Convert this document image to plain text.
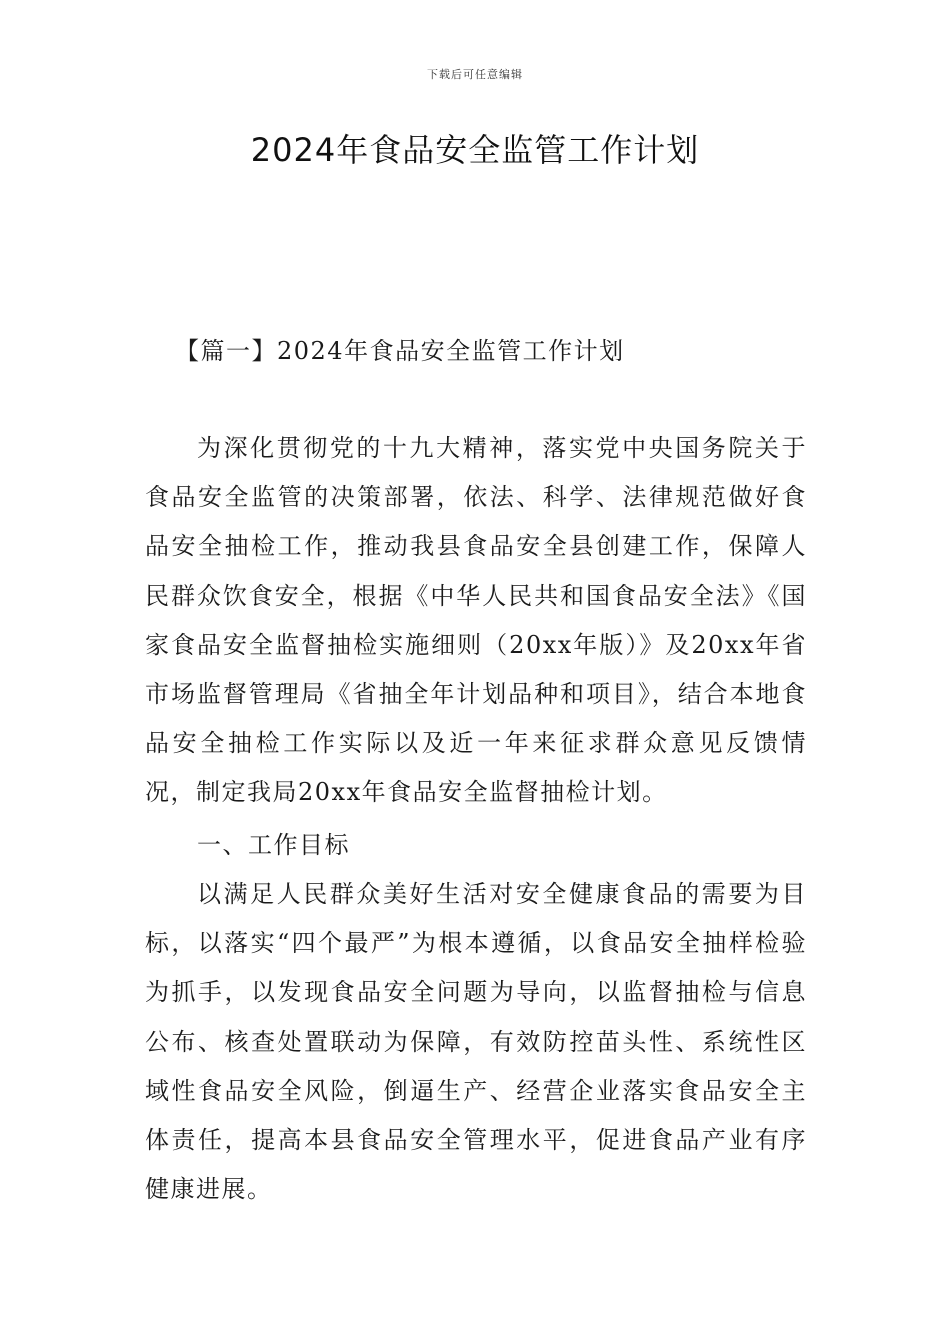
下载后可任意编辑
2024年食品安全监管工作计划

【篇一】2024年食品安全监管工作计划

为深化贯彻党的十九大精神，落实党中央国务院关于食品安全监管的决策部署，依法、科学、法律规范做好食品安全抽检工作，推动我县食品安全县创建工作，保障人民群众饮食安全，根据《中华人民共和国食品安全法》《国家食品安全监督抽检实施细则（20xx年版）》及20xx年省市场监督管理局《省抽全年计划品种和项目》，结合本地食品安全抽检工作实际以及近一年来征求群众意见反馈情况，制定我局20xx年食品安全监督抽检计划。

一、工作目标

以满足人民群众美好生活对安全健康食品的需要为目标，以落实“四个最严”为根本遵循，以食品安全抽样检验为抓手，以发现食品安全问题为导向，以监督抽检与信息公布、核查处置联动为保障，有效防控苗头性、系统性区域性食品安全风险，倒逼生产、经营企业落实食品安全主体责任，提高本县食品安全管理水平，促进食品产业有序健康进展。
